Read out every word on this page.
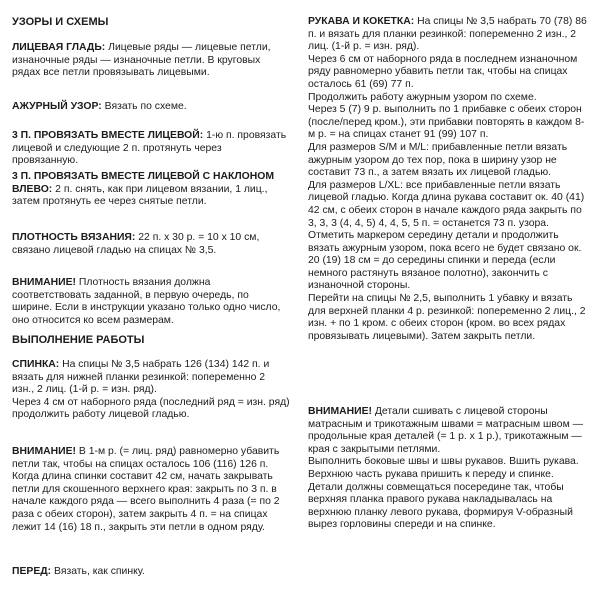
УЗОРЫ И СХЕМЫ

ЛИЦЕВАЯ ГЛАДЬ: Лицевые ряды — лицевые петли, изнаночные ряды — изнаночные петли. В круговых рядах все петли провязывать лицевыми.

АЖУРНЫЙ УЗОР: Вязать по схеме.

3 П. ПРОВЯЗАТЬ ВМЕСТЕ ЛИЦЕВОЙ: 1-ю п. провязать лицевой и следующие 2 п. протянуть через провязанную.

3 П. ПРОВЯЗАТЬ ВМЕСТЕ ЛИЦЕВОЙ С НАКЛОНОМ ВЛЕВО: 2 п. снять, как при лицевом вязании, 1 лиц., затем протянуть ее через снятые петли.

ПЛОТНОСТЬ ВЯЗАНИЯ: 22 п. х 30 р. = 10 х 10 см, связано лицевой гладью на спицах № 3,5.

ВНИМАНИЕ! Плотность вязания должна соответствовать заданной, в первую очередь, по ширине. Если в инструкции указано только одно число, оно относится ко всем размерам.

ВЫПОЛНЕНИЕ РАБОТЫ

СПИНКА: На спицы № 3,5 набрать 126 (134) 142 п. и вязать для нижней планки резинкой: попеременно 2 изн., 2 лиц. (1-й р. = изн. ряд).

Через 4 см от наборного ряда (последний ряд = изн. ряд) продолжить работу лицевой гладью.

ВНИМАНИЕ! В 1-м р. (= лиц. ряд) равномерно убавить петли так, чтобы на спицах осталось 106 (116) 126 п.

Когда длина спинки составит 42 см, начать закрывать петли для скошенного верхнего края: закрыть по 3 п. в начале каждого ряда — всего выполнить 4 раза (= по 2 раза с обеих сторон), затем закрыть 4 п. = на спицах лежит 14 (16) 18 п., закрыть эти петли в одном ряду.

ПЕРЕД: Вязать, как спинку.

РУКАВА И КОКЕТКА: На спицы № 3,5 набрать 70 (78) 86 п. и вязать для планки резинкой: попеременно 2 изн., 2 лиц. (1-й р. = изн. ряд).

Через 6 см от наборного ряда в последнем изнаночном ряду равномерно убавить петли так, чтобы на спицах осталось 61 (69) 77 п.

Продолжить работу ажурным узором по схеме.

Через 5 (7) 9 р. выполнить по 1 прибавке с обеих сторон (после/перед кром.), эти прибавки повторять в каждом 8-м р. = на спицах станет 91 (99) 107 п.

Для размеров S/M и M/L: прибавленные петли вязать ажурным узором до тех пор, пока в ширину узор не составит 73 п., а затем вязать их лицевой гладью.

Для размеров L/XL: все прибавленные петли вязать лицевой гладью. Когда длина рукава составит ок. 40 (41) 42 см, с обеих сторон в начале каждого ряда закрыть по 3, 3, 3 (4, 4, 5) 4, 4, 5, 5 п. = останется 73 п. узора.

Отметить маркером середину детали и продолжить вязать ажурным узором, пока всего не будет связано ок. 20 (19) 18 см = до середины спинки и переда (если немного растянуть вязаное полотно), закончить с изнаночной стороны.

Перейти на спицы № 2,5, выполнить 1 убавку и вязать для верхней планки 4 р. резинкой: попеременно 2 лиц., 2 изн. + по 1 кром. с обеих сторон (кром. во всех рядах провязывать лицевыми). Затем закрыть петли.

ВНИМАНИЕ! Детали сшивать с лицевой стороны матрасным и трикотажным швами = матрасным швом — продольные края деталей (= 1 р. х 1 р.), трикотажным — края с закрытыми петлями.

Выполнить боковые швы и швы рукавов. Вшить рукава.

Верхнюю часть рукава пришить к переду и спинке. Детали должны совмещаться посередине так, чтобы верхняя планка правого рукава накладывалась на верхнюю планку левого рукава, формируя V-образный вырез горловины спереди и на спинке.
